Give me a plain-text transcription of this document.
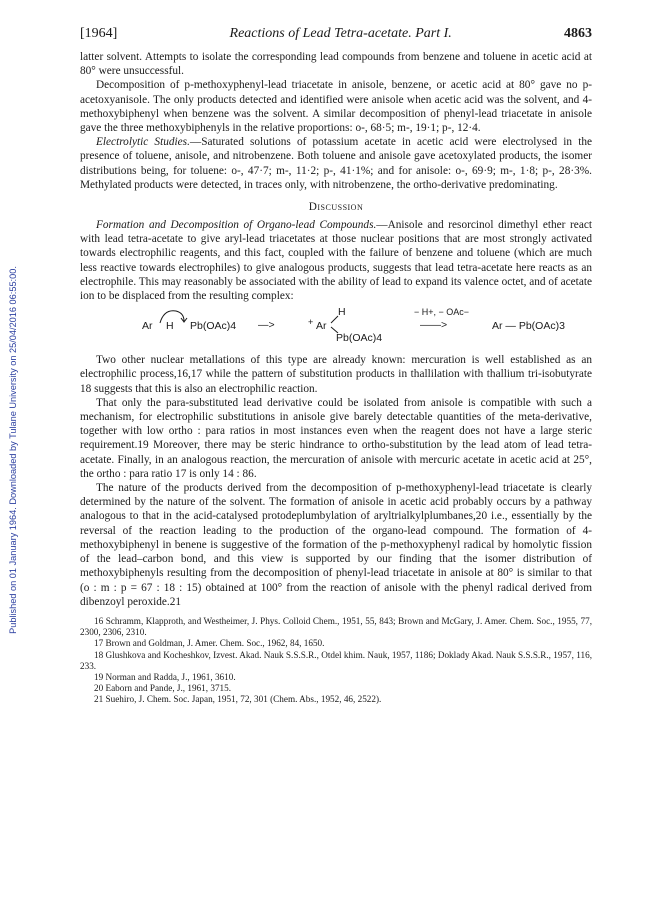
Published on 01 January 1964. Downloaded by Tulane University on 25/04/2016 06:55:00.
[1964]	Reactions of Lead Tetra-acetate. Part I.	4863

latter solvent. Attempts to isolate the corresponding lead compounds from benzene and toluene in acetic acid at 80° were unsuccessful.

Decomposition of p-methoxyphenyl-lead triacetate in anisole, benzene, or acetic acid at 80° gave no p-acetoxyanisole. The only products detected and identified were anisole when acetic acid was the solvent, and 4-methoxybiphenyl when benzene was the solvent. A similar decomposition of phenyl-lead triacetate in anisole gave the three methoxybiphenyls in the relative proportions: o-, 68·5; m-, 19·1; p-, 12·4.

Electrolytic Studies.—Saturated solutions of potassium acetate in acetic acid were electrolysed in the presence of toluene, anisole, and nitrobenzene. Both toluene and anisole gave acetoxylated products, the isomer distributions being, for toluene: o-, 47·7; m-, 11·2; p-, 41·1%; and for anisole: o-, 69·9; m-, 1·8; p-, 28·3%. Methylated products were detected, in traces only, with nitrobenzene, the ortho-derivative predominating.

Discussion

Formation and Decomposition of Organo-lead Compounds.—Anisole and resorcinol dimethyl ether react with lead tetra-acetate to give aryl-lead triacetates at those nuclear positions that are most strongly activated towards electrophilic reagents, and this fact, coupled with the failure of benzene and toluene (which are much less reactive towards electrophiles) to give analogous products, suggests that lead tetra-acetate here reacts as an electrophile. This may reasonably be associated with the ability of lead to expand its valence octet, and of acetate ion to be displaced from the resulting complex:

Ar H Pb(OAc)4 —>	+ Ar
H
Pb(OAc)4
− H+, − OAc−
——>	Ar — Pb(OAc)3

Two other nuclear metallations of this type are already known: mercuration is well established as an electrophilic process,16,17 while the pattern of substitution products in thallilation with thallium tri-isobutyrate 18 suggests that this is also an electrophilic reaction.

That only the para-substituted lead derivative could be isolated from anisole is compatible with such a mechanism, for electrophilic substitutions in anisole give barely detectable quantities of the meta-derivative, together with low ortho : para ratios in most instances even when the reagent does not have a large steric requirement.19 Moreover, there may be steric hindrance to ortho-substitution by the lead atom of lead tetra-acetate. Finally, in an analogous reaction, the mercuration of anisole with mercuric acetate in acetic acid at 25°, the ortho : para ratio 17 is only 14 : 86.

The nature of the products derived from the decomposition of p-methoxyphenyl-lead triacetate is clearly determined by the nature of the solvent. The formation of anisole in acetic acid probably occurs by a pathway analogous to that in the acid-catalysed protodeplumbylation of aryltrialkylplumbanes,20 i.e., essentially by the reversal of the reaction leading to the production of the organo-lead compound. The formation of 4-methoxybiphenyl in benene is suggestive of the formation of the p-methoxyphenyl radical by homolytic fission of the lead–carbon bond, and this view is supported by our finding that the isomer distribution of methoxybiphenyls resulting from the decomposition of phenyl-lead triacetate in anisole at 80° is similar to that (o : m : p = 67 : 18 : 15) obtained at 100° from the reaction of anisole with the phenyl radical derived from dibenzoyl peroxide.21

16 Schramm, Klapproth, and Westheimer, J. Phys. Colloid Chem., 1951, 55, 843; Brown and McGary, J. Amer. Chem. Soc., 1955, 77, 2300, 2306, 2310.

17 Brown and Goldman, J. Amer. Chem. Soc., 1962, 84, 1650.

18 Glushkova and Kocheshkov, Izvest. Akad. Nauk S.S.S.R., Otdel khim. Nauk, 1957, 1186; Doklady Akad. Nauk S.S.S.R., 1957, 116, 233.

19 Norman and Radda, J., 1961, 3610.

20 Eaborn and Pande, J., 1961, 3715.

21 Suehiro, J. Chem. Soc. Japan, 1951, 72, 301 (Chem. Abs., 1952, 46, 2522).
